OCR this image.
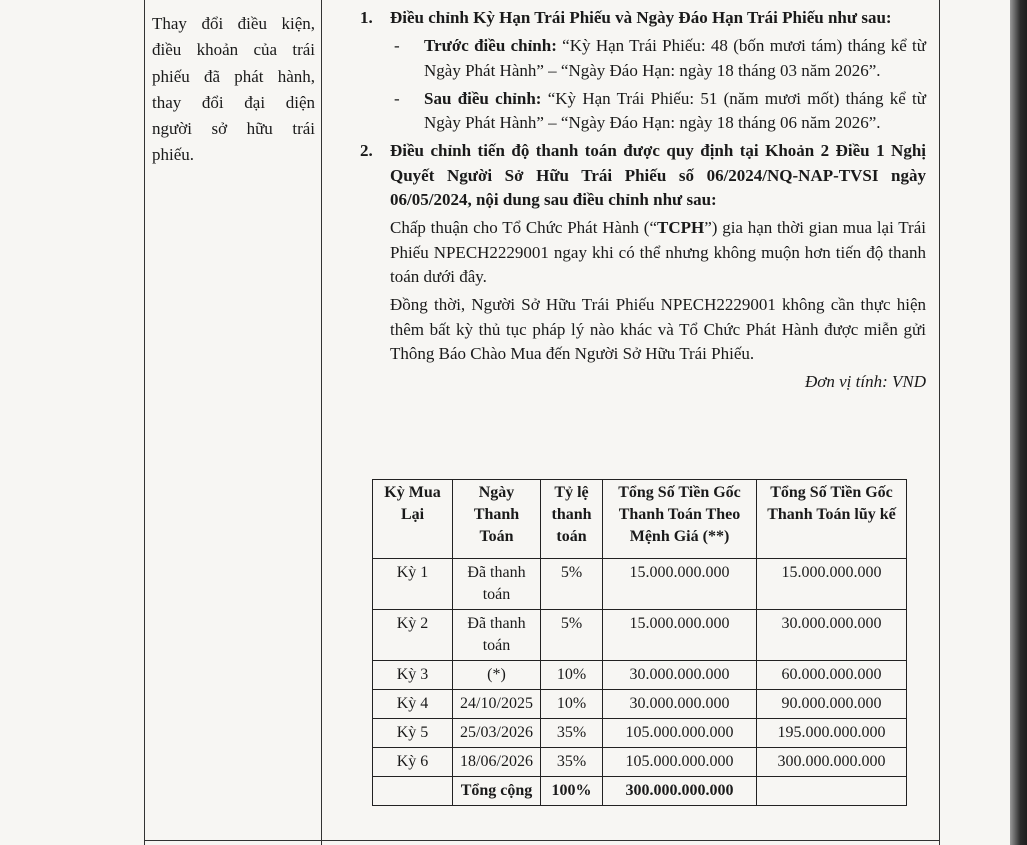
Thay đổi điều kiện,
điều khoản của trái
phiếu đã phát hành,
thay đổi đại diện
người sở hữu trái
phiếu.
1.	Điều chỉnh Kỳ Hạn Trái Phiếu và Ngày Đáo Hạn Trái Phiếu như sau:
-	Trước điều chỉnh: “Kỳ Hạn Trái Phiếu: 48 (bốn mươi tám) tháng kể từ Ngày Phát Hành” – “Ngày Đáo Hạn: ngày 18 tháng 03 năm 2026”.
-	Sau điều chỉnh: “Kỳ Hạn Trái Phiếu: 51 (năm mươi mốt) tháng kể từ Ngày Phát Hành” – “Ngày Đáo Hạn: ngày 18 tháng 06 năm 2026”.
2.	Điều chỉnh tiến độ thanh toán được quy định tại Khoản 2 Điều 1 Nghị Quyết Người Sở Hữu Trái Phiếu số 06/2024/NQ-NAP-TVSI ngày 06/05/2024, nội dung sau điều chỉnh như sau:
Chấp thuận cho Tổ Chức Phát Hành (“TCPH”) gia hạn thời gian mua lại Trái Phiếu NPECH2229001 ngay khi có thể nhưng không muộn hơn tiến độ thanh toán dưới đây.
Đồng thời, Người Sở Hữu Trái Phiếu NPECH2229001 không cần thực hiện thêm bất kỳ thủ tục pháp lý nào khác và Tổ Chức Phát Hành được miễn gửi Thông Báo Chào Mua đến Người Sở Hữu Trái Phiếu.
Đơn vị tính: VND
Kỳ Mua Lại	Ngày Thanh Toán	Tỷ lệ thanh toán	Tổng Số Tiền Gốc Thanh Toán Theo Mệnh Giá (**)	Tổng Số Tiền Gốc Thanh Toán lũy kế
Kỳ 1	Đã thanh toán	5%	15.000.000.000	15.000.000.000
Kỳ 2	Đã thanh toán	5%	15.000.000.000	30.000.000.000
Kỳ 3	(*)	10%	30.000.000.000	60.000.000.000
Kỳ 4	24/10/2025	10%	30.000.000.000	90.000.000.000
Kỳ 5	25/03/2026	35%	105.000.000.000	195.000.000.000
Kỳ 6	18/06/2026	35%	105.000.000.000	300.000.000.000
	Tổng cộng	100%	300.000.000.000	
